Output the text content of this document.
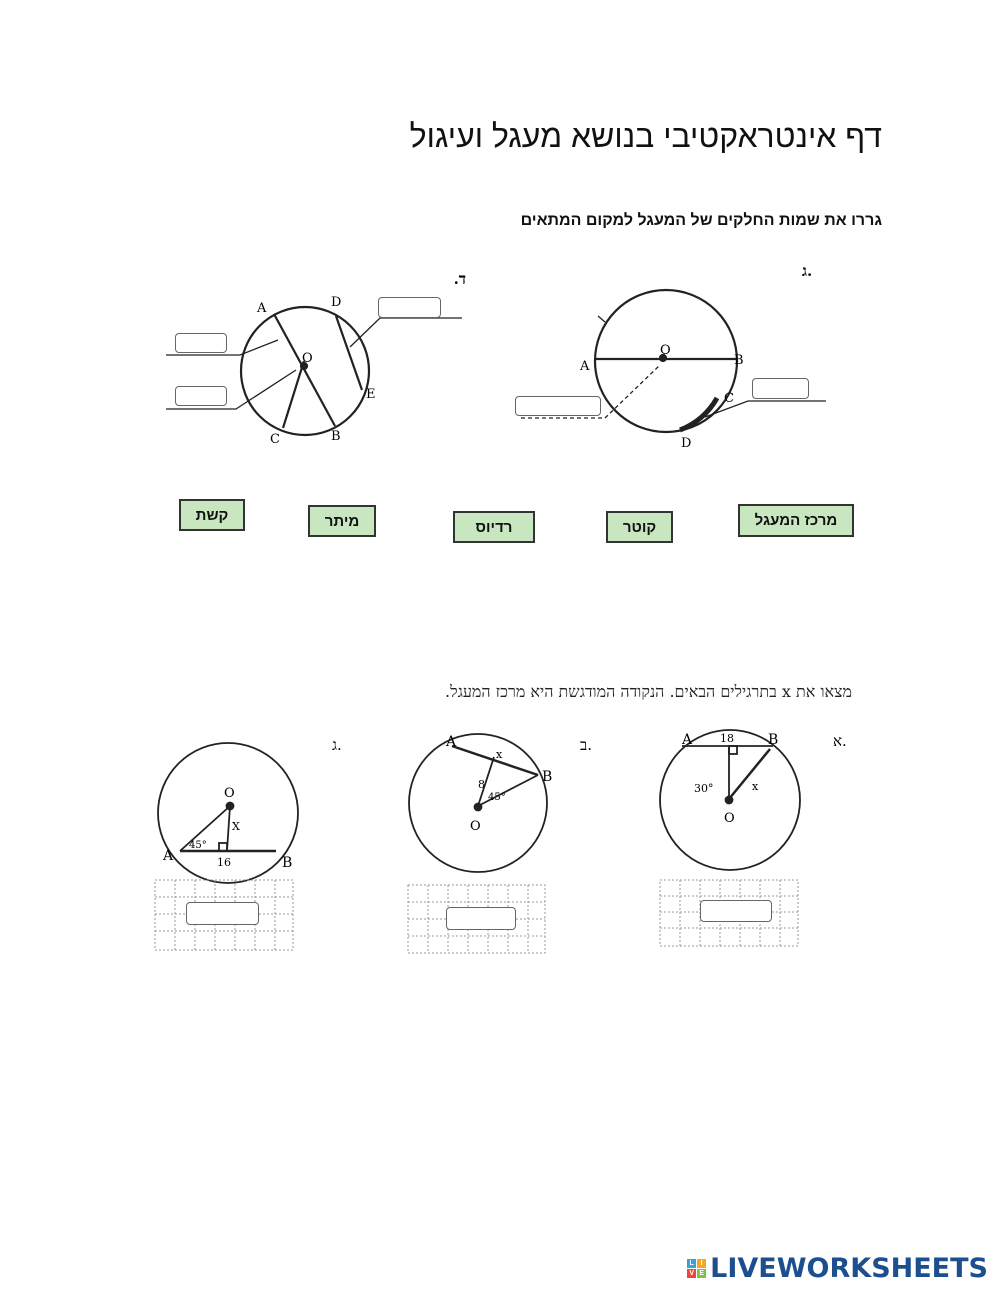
דף אינטראקטיבי בנושא מעגל ועיגול
גררו את שמות החלקים של המעגל למקום המתאים
ד.
A
O
D
E
B
C
ג.
A
O
B
C
D
קשת	מיתר	רדיוס	קוטר	מרכז המעגל
מצאו את x בתרגילים הבאים. הנקודה המודגשת היא מרכז המעגל.
א.
A	B
O
18
30°	x
ב.
A
B
O
x
8
45°
ג.
A	B
O
X
45°
16
L I
V E LIVEWORKSHEETS
